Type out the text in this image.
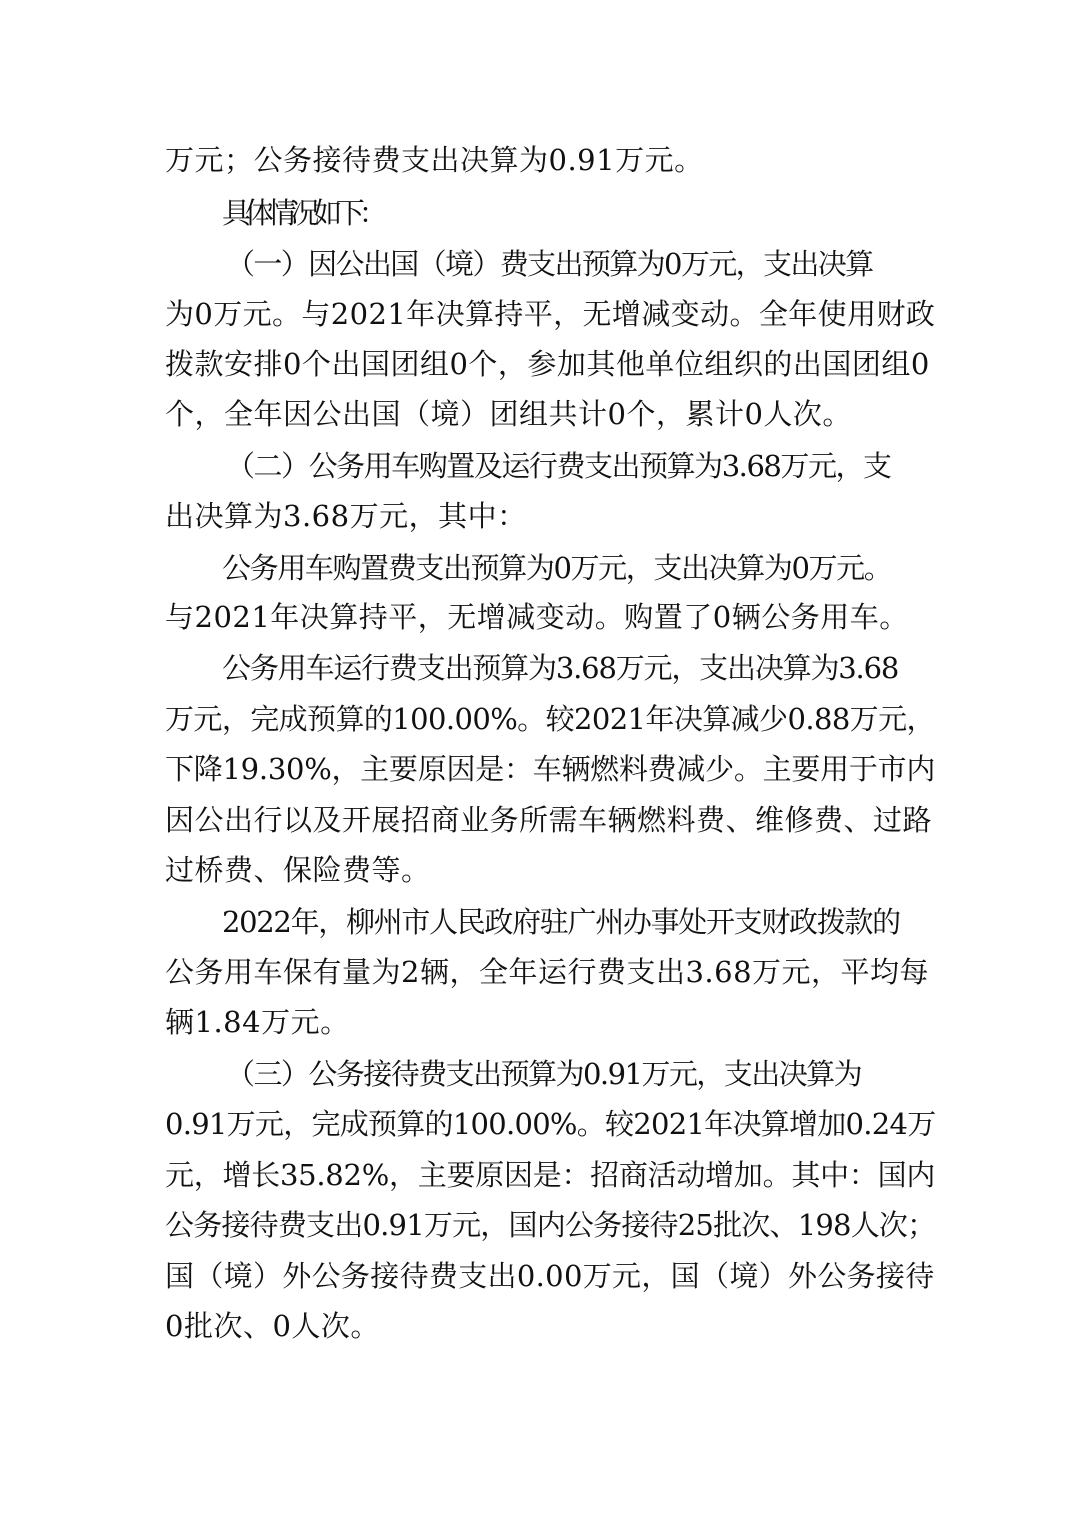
万元；公务接待费支出决算为0.91万元。
具体情况如下：
（一）因公出国（境）费支出预算为0万元，支出决算
为0万元。与2021年决算持平，无增减变动。全年使用财政
拨款安排0个出国团组0个，参加其他单位组织的出国团组0
个，全年因公出国（境）团组共计0个，累计0人次。
（二）公务用车购置及运行费支出预算为3.68万元，支
出决算为3.68万元，其中：
公务用车购置费支出预算为0万元，支出决算为0万元。
与2021年决算持平，无增减变动。购置了0辆公务用车。
公务用车运行费支出预算为3.68万元，支出决算为3.68
万元，完成预算的100.00%。较2021年决算减少0.88万元，
下降19.30%，主要原因是：车辆燃料费减少。主要用于市内
因公出行以及开展招商业务所需车辆燃料费、维修费、过路
过桥费、保险费等。
2022年，柳州市人民政府驻广州办事处开支财政拨款的
公务用车保有量为2辆，全年运行费支出3.68万元，平均每
辆1.84万元。
（三）公务接待费支出预算为0.91万元，支出决算为
0.91万元，完成预算的100.00%。较2021年决算增加0.24万
元，增长35.82%，主要原因是：招商活动增加。其中：国内
公务接待费支出0.91万元，国内公务接待25批次、198人次；
国（境）外公务接待费支出0.00万元，国（境）外公务接待
0批次、0人次。
